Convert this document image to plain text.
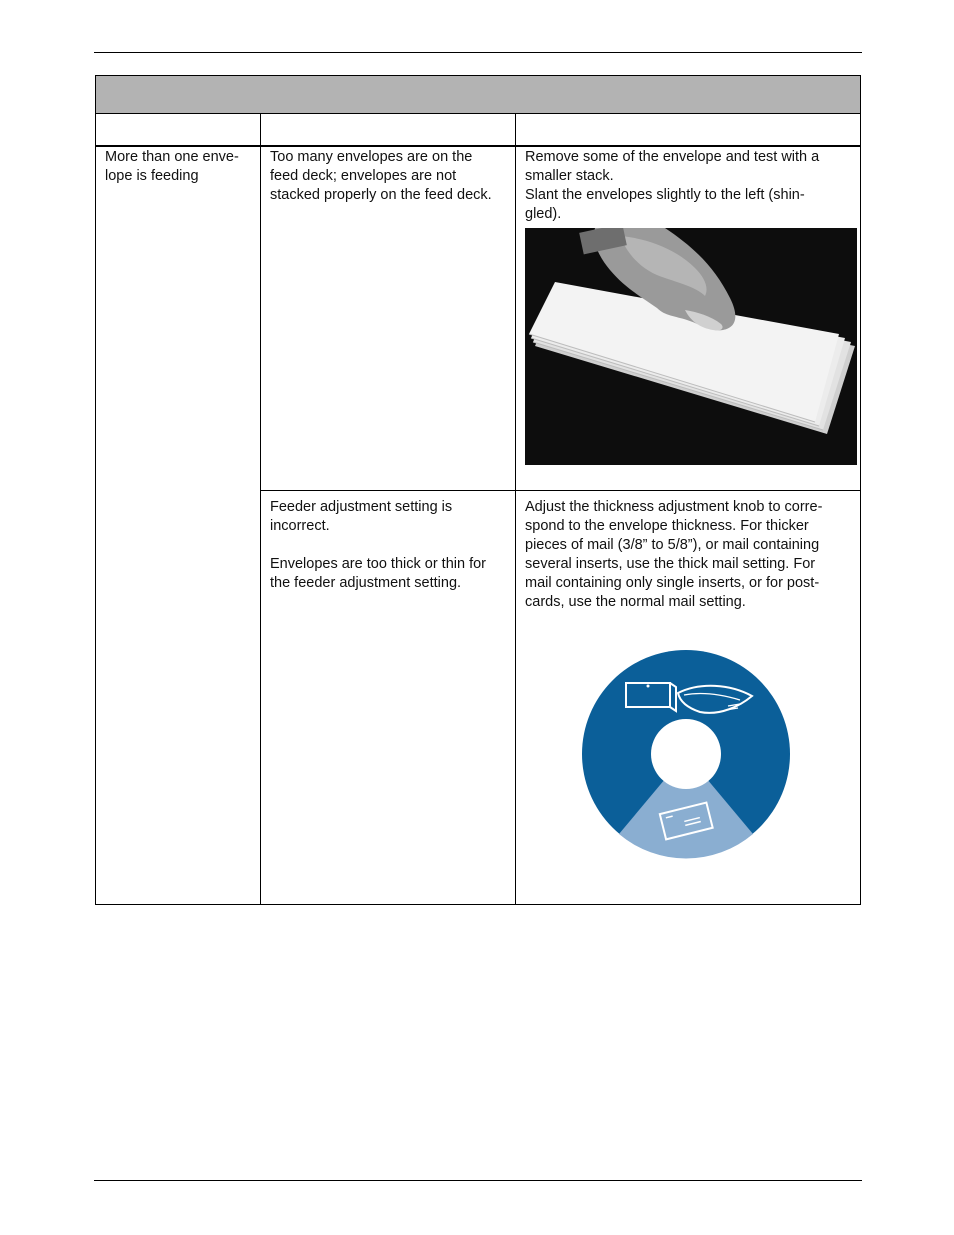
More than one enve-

lope is feeding

Too many envelopes are on the

feed deck; envelopes are not

stacked properly on the feed deck.

Remove some of the envelope and test with a

smaller stack.

Slant the envelopes slightly to the left (shin-

gled).

Feeder adjustment setting is

incorrect.

Envelopes are too thick or thin for

the feeder adjustment setting.

Adjust the thickness adjustment knob to corre-

spond to the envelope thickness. For thicker

pieces of mail (3/8” to 5/8”), or mail containing

several inserts, use the thick mail setting. For

mail containing only single inserts, or for post-

cards, use the normal mail setting.
